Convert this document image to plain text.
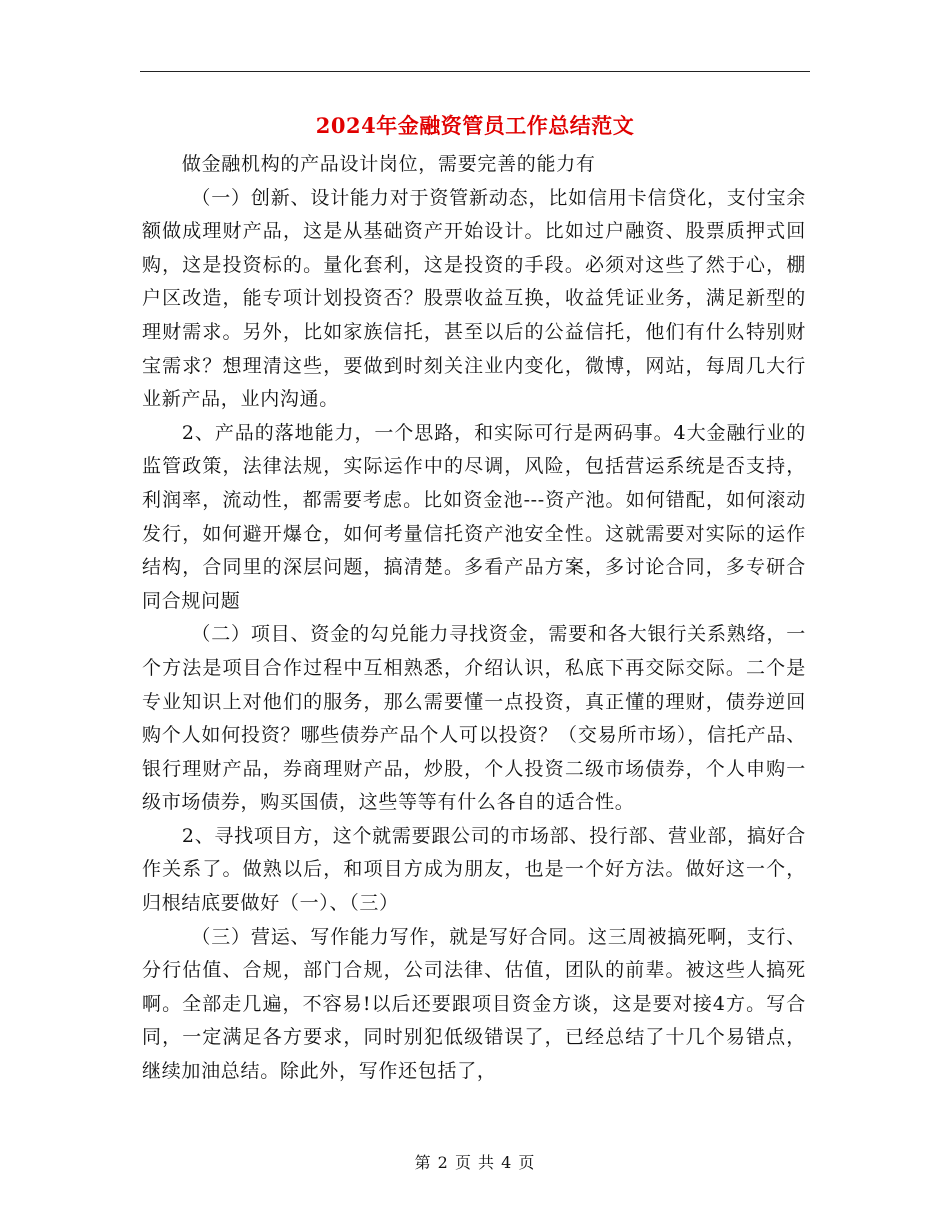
2024年金融资管员工作总结范文

做金融机构的产品设计岗位，需要完善的能力有

（一）创新、设计能力对于资管新动态，比如信用卡信贷化，支付宝余额做成理财产品，这是从基础资产开始设计。比如过户融资、股票质押式回购，这是投资标的。量化套利，这是投资的手段。必须对这些了然于心，棚户区改造，能专项计划投资否？股票收益互换，收益凭证业务，满足新型的理财需求。另外，比如家族信托，甚至以后的公益信托，他们有什么特别财宝需求？想理清这些，要做到时刻关注业内变化，微博，网站，每周几大行业新产品，业内沟通。

2、产品的落地能力，一个思路，和实际可行是两码事。4大金融行业的监管政策，法律法规，实际运作中的尽调，风险，包括营运系统是否支持，利润率，流动性，都需要考虑。比如资金池---资产池。如何错配，如何滚动发行，如何避开爆仓，如何考量信托资产池安全性。这就需要对实际的运作结构，合同里的深层问题，搞清楚。多看产品方案，多讨论合同，多专研合同合规问题

（二）项目、资金的勾兑能力寻找资金，需要和各大银行关系熟络，一个方法是项目合作过程中互相熟悉，介绍认识，私底下再交际交际。二个是专业知识上对他们的服务，那么需要懂一点投资，真正懂的理财，债券逆回购个人如何投资？哪些债券产品个人可以投资？（交易所市场），信托产品、银行理财产品，券商理财产品，炒股，个人投资二级市场债券，个人申购一级市场债券，购买国债，这些等等有什么各自的适合性。

2、寻找项目方，这个就需要跟公司的市场部、投行部、营业部，搞好合作关系了。做熟以后，和项目方成为朋友，也是一个好方法。做好这一个，归根结底要做好（一）、（三）

（三）营运、写作能力写作，就是写好合同。这三周被搞死啊，支行、分行估值、合规，部门合规，公司法律、估值，团队的前辈。被这些人搞死啊。全部走几遍，不容易!以后还要跟项目资金方谈，这是要对接4方。写合同，一定满足各方要求，同时别犯低级错误了，已经总结了十几个易错点，继续加油总结。除此外，写作还包括了，

第 2 页 共 4 页
